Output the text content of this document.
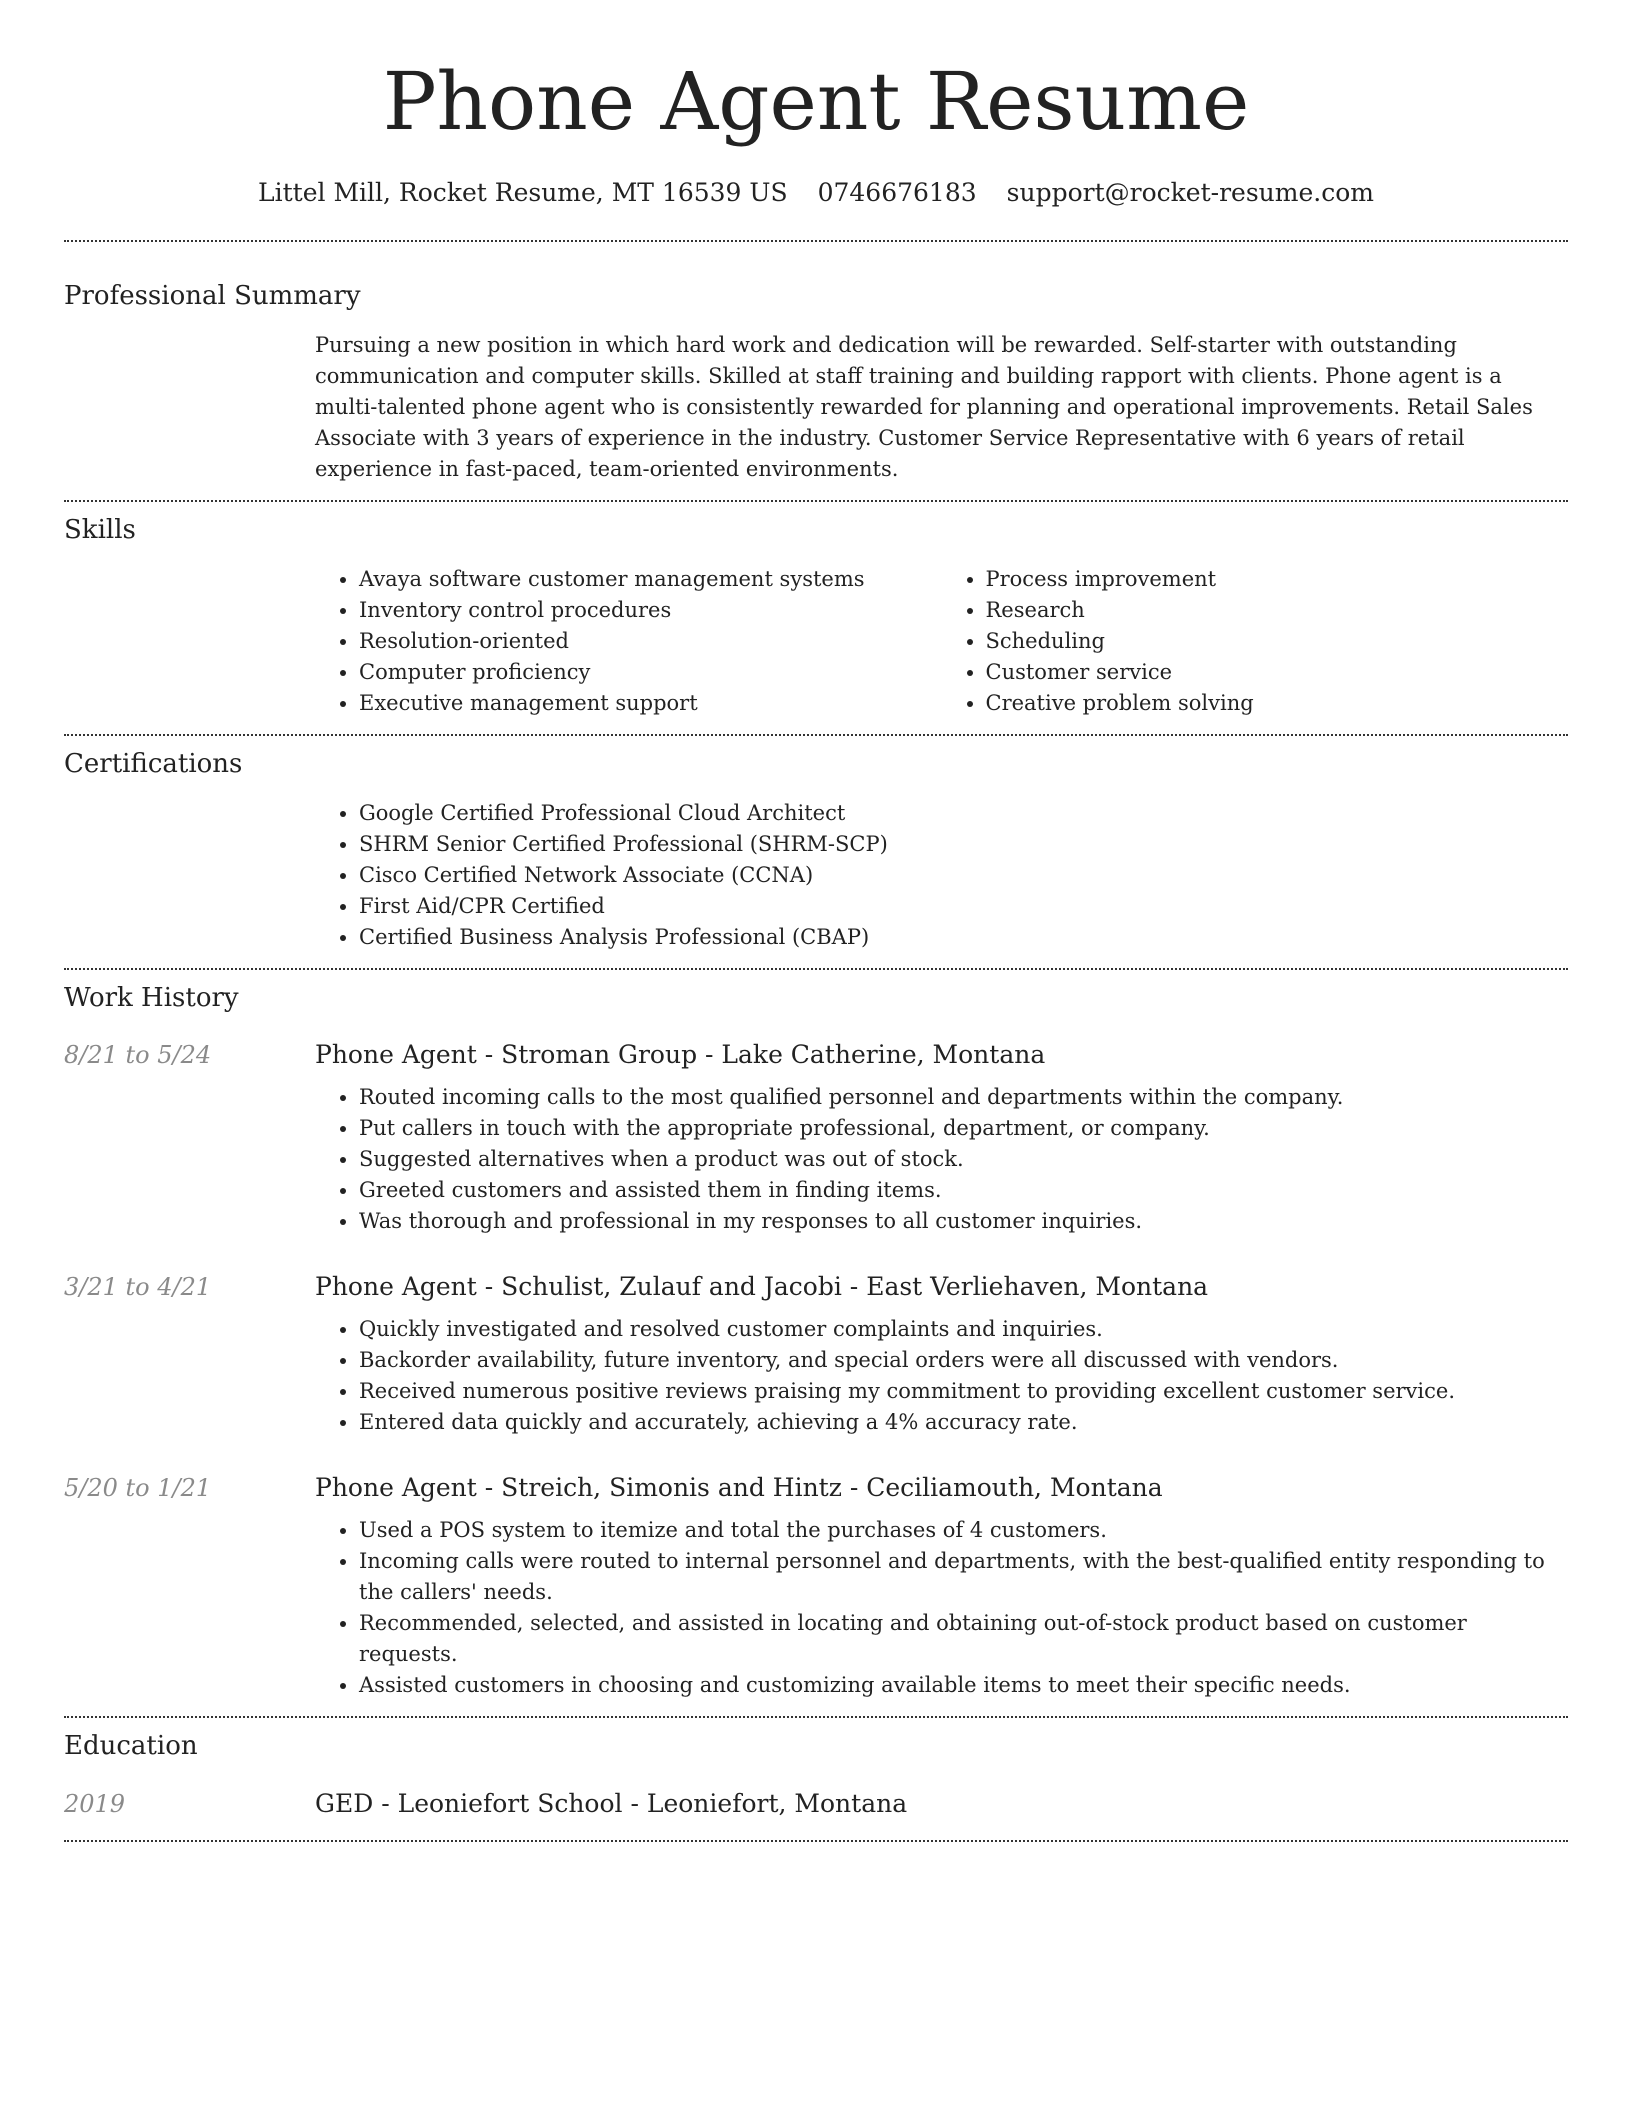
Phone Agent Resume
Littel Mill, Rocket Resume, MT 16539 US 0746676183 support@rocket-resume.com
Professional Summary

Pursuing a new position in which hard work and dedication will be rewarded. Self-starter with outstanding communication and computer skills. Skilled at staff training and building rapport with clients. Phone agent is a multi-talented phone agent who is consistently rewarded for planning and operational improvements. Retail Sales Associate with 3 years of experience in the industry. Customer Service Representative with 6 years of retail experience in fast-paced, team-oriented environments.

Skills
• Avaya software customer management systems
• Inventory control procedures
• Resolution-oriented
• Computer proficiency
• Executive management support
• Process improvement
• Research
• Scheduling
• Customer service
• Creative problem solving
Certifications
• Google Certified Professional Cloud Architect
• SHRM Senior Certified Professional (SHRM-SCP)
• Cisco Certified Network Associate (CCNA)
• First Aid/CPR Certified
• Certified Business Analysis Professional (CBAP)
Work History
8/21 to 5/24	Phone Agent - Stroman Group - Lake Catherine, Montana
• Routed incoming calls to the most qualified personnel and departments within the company.
• Put callers in touch with the appropriate professional, department, or company.
• Suggested alternatives when a product was out of stock.
• Greeted customers and assisted them in finding items.
• Was thorough and professional in my responses to all customer inquiries.
3/21 to 4/21	Phone Agent - Schulist, Zulauf and Jacobi - East Verliehaven, Montana
• Quickly investigated and resolved customer complaints and inquiries.
• Backorder availability, future inventory, and special orders were all discussed with vendors.
• Received numerous positive reviews praising my commitment to providing excellent customer service.
• Entered data quickly and accurately, achieving a 4% accuracy rate.
5/20 to 1/21	Phone Agent - Streich, Simonis and Hintz - Ceciliamouth, Montana
• Used a POS system to itemize and total the purchases of 4 customers.
• Incoming calls were routed to internal personnel and departments, with the best-qualified entity responding to the callers' needs.
• Recommended, selected, and assisted in locating and obtaining out-of-stock product based on customer requests.
• Assisted customers in choosing and customizing available items to meet their specific needs.
Education
2019	GED - Leoniefort School - Leoniefort, Montana
